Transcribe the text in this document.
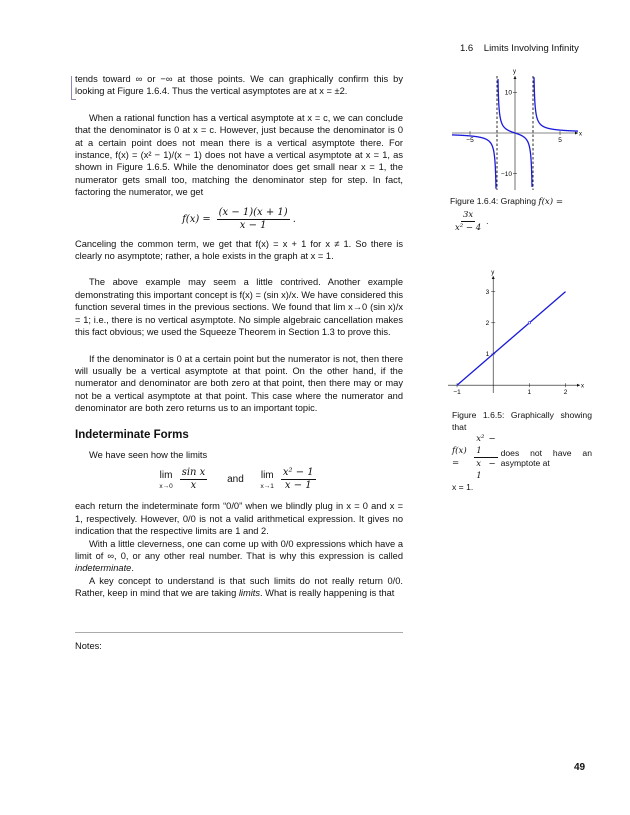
1.6 Limits Involving Infinity

tends toward ∞ or −∞ at those points. We can graphically confirm this by looking at Figure 1.6.4. Thus the vertical asymptotes are at x = ±2.

When a rational function has a vertical asymptote at x = c, we can conclude that the denominator is 0 at x = c. However, just because the denominator is 0 at a certain point does not mean there is a vertical asymptote there. For instance, f(x) = (x² − 1)/(x − 1) does not have a vertical asymptote at x = 1, as shown in Figure 1.6.5. While the denominator does get small near x = 1, the numerator gets small too, matching the denominator step for step. In fact, factoring the numerator, we get

$f(x) = \frac{(x - 1)(x + 1)}{x - 1}$ .

Canceling the common term, we get that f(x) = x + 1 for x ≠ 1. So there is clearly no asymptote; rather, a hole exists in the graph at x = 1.

The above example may seem a little contrived. Another example demonstrating this important concept is f(x) = (sin x)/x. We have considered this function several times in the previous sections. We found that lim x→0 (sin x)/x = 1; i.e., there is no vertical asymptote. No simple algebraic cancellation makes this fact obvious; we used the Squeeze Theorem in Section 1.3 to prove this.

If the denominator is 0 at a certain point but the numerator is not, then there will usually be a vertical asymptote at that point. On the other hand, if the numerator and denominator are both zero at that point, then there may or may not be a vertical asymptote at that point. This case where the numerator and denominator are both zero returns us to an important topic.

Indeterminate Forms

We have seen how the limits

lim
$x\to 0 \frac{\text{sin x}}{x}$ and lim
$x\to 1 \frac{\text{x² − 1}}{x - 1}$

each return the indeterminate form “0/0” when we blindly plug in x = 0 and x = 1, respectively. However, 0/0 is not a valid arithmetical expression. It gives no indication that the respective limits are 1 and 2.

With a little cleverness, one can come up with 0/0 expressions which have a limit of ∞, 0, or any other real number. That is why this expression is called indeterminate.

A key concept to understand is that such limits do not really return 0/0. Rather, keep in mind that we are taking limits. What is really happening is that

x
y
−5	5
10
−10
Figure 1.6.4: Graphing f(x) =
$\frac{3x}{\text{x² − 4}}$ .
x
y
−1	1	2
1
2
3
Figure 1.6.5: Graphically showing that
f(x) =	$\frac{\text{x² − 1}}{x - 1}$ does not have an asymptote at
x = 1.
Notes:
49
